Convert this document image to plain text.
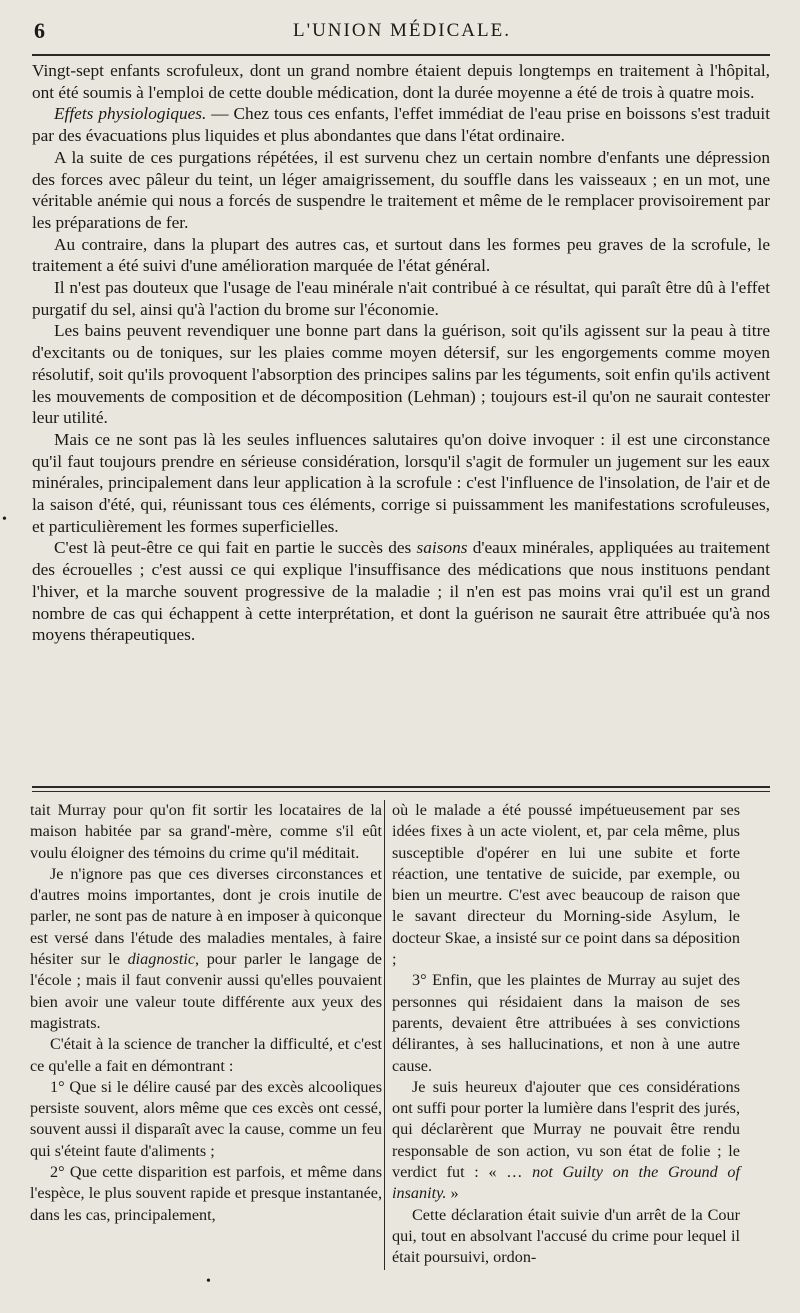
6	L'UNION MÉDICALE.

Vingt-sept enfants scrofuleux, dont un grand nombre étaient depuis longtemps en traitement à l'hôpital, ont été soumis à l'emploi de cette double médication, dont la durée moyenne a été de trois à quatre mois.

Effets physiologiques. — Chez tous ces enfants, l'effet immédiat de l'eau prise en boissons s'est traduit par des évacuations plus liquides et plus abondantes que dans l'état ordinaire.

A la suite de ces purgations répétées, il est survenu chez un certain nombre d'enfants une dépression des forces avec pâleur du teint, un léger amaigrissement, du souffle dans les vaisseaux ; en un mot, une véritable anémie qui nous a forcés de suspendre le traitement et même de le remplacer provisoirement par les préparations de fer.

Au contraire, dans la plupart des autres cas, et surtout dans les formes peu graves de la scrofule, le traitement a été suivi d'une amélioration marquée de l'état général.

Il n'est pas douteux que l'usage de l'eau minérale n'ait contribué à ce résultat, qui paraît être dû à l'effet purgatif du sel, ainsi qu'à l'action du brome sur l'économie.

Les bains peuvent revendiquer une bonne part dans la guérison, soit qu'ils agissent sur la peau à titre d'excitants ou de toniques, sur les plaies comme moyen détersif, sur les engorgements comme moyen résolutif, soit qu'ils provoquent l'absorption des principes salins par les téguments, soit enfin qu'ils activent les mouvements de composition et de décomposition (Lehman) ; toujours est-il qu'on ne saurait contester leur utilité.

Mais ce ne sont pas là les seules influences salutaires qu'on doive invoquer : il est une circonstance qu'il faut toujours prendre en sérieuse considération, lorsqu'il s'agit de formuler un jugement sur les eaux minérales, principalement dans leur application à la scrofule : c'est l'influence de l'insolation, de l'air et de la saison d'été, qui, réunissant tous ces éléments, corrige si puissamment les manifestations scrofuleuses, et particulièrement les formes superficielles.

C'est là peut-être ce qui fait en partie le succès des saisons d'eaux minérales, appliquées au traitement des écrouelles ; c'est aussi ce qui explique l'insuffisance des médications que nous instituons pendant l'hiver, et la marche souvent progressive de la maladie ; il n'en est pas moins vrai qu'il est un grand nombre de cas qui échappent à cette interprétation, et dont la guérison ne saurait être attribuée qu'à nos moyens thérapeutiques.

tait Murray pour qu'on fit sortir les locataires de la maison habitée par sa grand'-mère, comme s'il eût voulu éloigner des témoins du crime qu'il méditait.

Je n'ignore pas que ces diverses circonstances et d'autres moins importantes, dont je crois inutile de parler, ne sont pas de nature à en imposer à quiconque est versé dans l'étude des maladies mentales, à faire hésiter sur le diagnostic, pour parler le langage de l'école ; mais il faut convenir aussi qu'elles pouvaient bien avoir une valeur toute différente aux yeux des magistrats.

C'était à la science de trancher la difficulté, et c'est ce qu'elle a fait en démontrant :

1° Que si le délire causé par des excès alcooliques persiste souvent, alors même que ces excès ont cessé, souvent aussi il disparaît avec la cause, comme un feu qui s'éteint faute d'aliments ;

2° Que cette disparition est parfois, et même dans l'espèce, le plus souvent rapide et presque instantanée, dans les cas, principalement,

où le malade a été poussé impétueusement par ses idées fixes à un acte violent, et, par cela même, plus susceptible d'opérer en lui une subite et forte réaction, une tentative de suicide, par exemple, ou bien un meurtre. C'est avec beaucoup de raison que le savant directeur du Morning-side Asylum, le docteur Skae, a insisté sur ce point dans sa déposition ;

3° Enfin, que les plaintes de Murray au sujet des personnes qui résidaient dans la maison de ses parents, devaient être attribuées à ses convictions délirantes, à ses hallucinations, et non à une autre cause.

Je suis heureux d'ajouter que ces considérations ont suffi pour porter la lumière dans l'esprit des jurés, qui déclarèrent que Murray ne pouvait être rendu responsable de son action, vu son état de folie ; le verdict fut : « … not Guilty on the Ground of insanity. »

Cette déclaration était suivie d'un arrêt de la Cour qui, tout en absolvant l'accusé du crime pour lequel il était poursuivi, ordon-

•
•
